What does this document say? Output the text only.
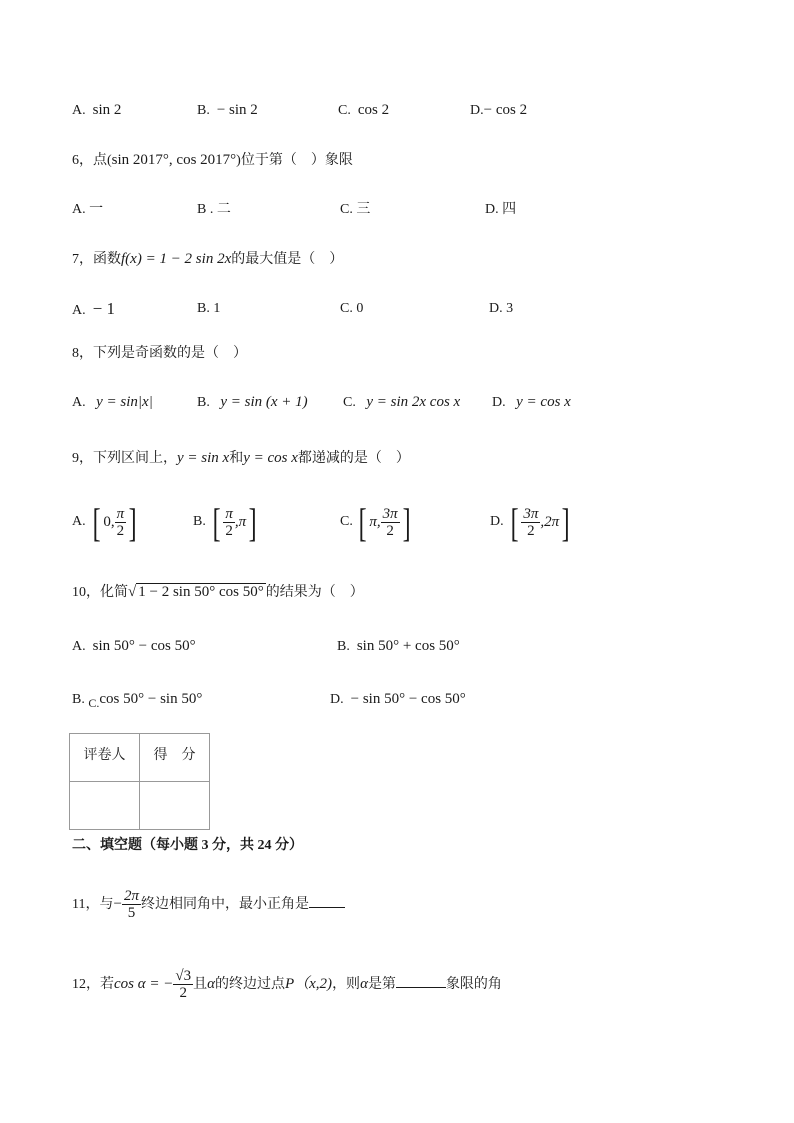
A. sin 2	B. − sin 2	C. cos 2	D.− cos 2
6，点(sin 2017°, cos 2017°)位于第（　）象限
A. 一	B . 二	C. 三	D. 四
7，函数f(x) = 1 − 2 sin 2x的最大值是（　）
A. − 1	B. 1	C. 0	D. 3
8，下列是奇函数的是（　）
A. y = sin|x|	B. y = sin (x + 1)	C. y = sin 2x cos x D. y = cos x
9，下列区间上，y = sin x和y = cos x都递减的是（　）
A. [ 0, $\frac{\pi}{2}$ ]	B. [ $\frac{\pi}{2} ,\pi$]	C. [ π, $\frac{3\pi}{2}$ ]	D. [ $\frac{3\pi}{2} ,2\pi$]
10，化简√ 1 − 2 sin 50° cos 50° 的结果为（　）
A. sin 50° − cos 50°	B. sin 50° + cos 50°
B. C.cos 50° − sin 50°	D. − sin 50° − cos 50°
评卷人	得　分

二、填空题（每小题 3 分，共 24 分）
11，与− $\frac{2\pi}{5}$ 终边相同角中，最小正角是
12，若cos α = − $\frac{√3}{2}$ 且α的终边过点P（x,2)，则α是第	象限的角
